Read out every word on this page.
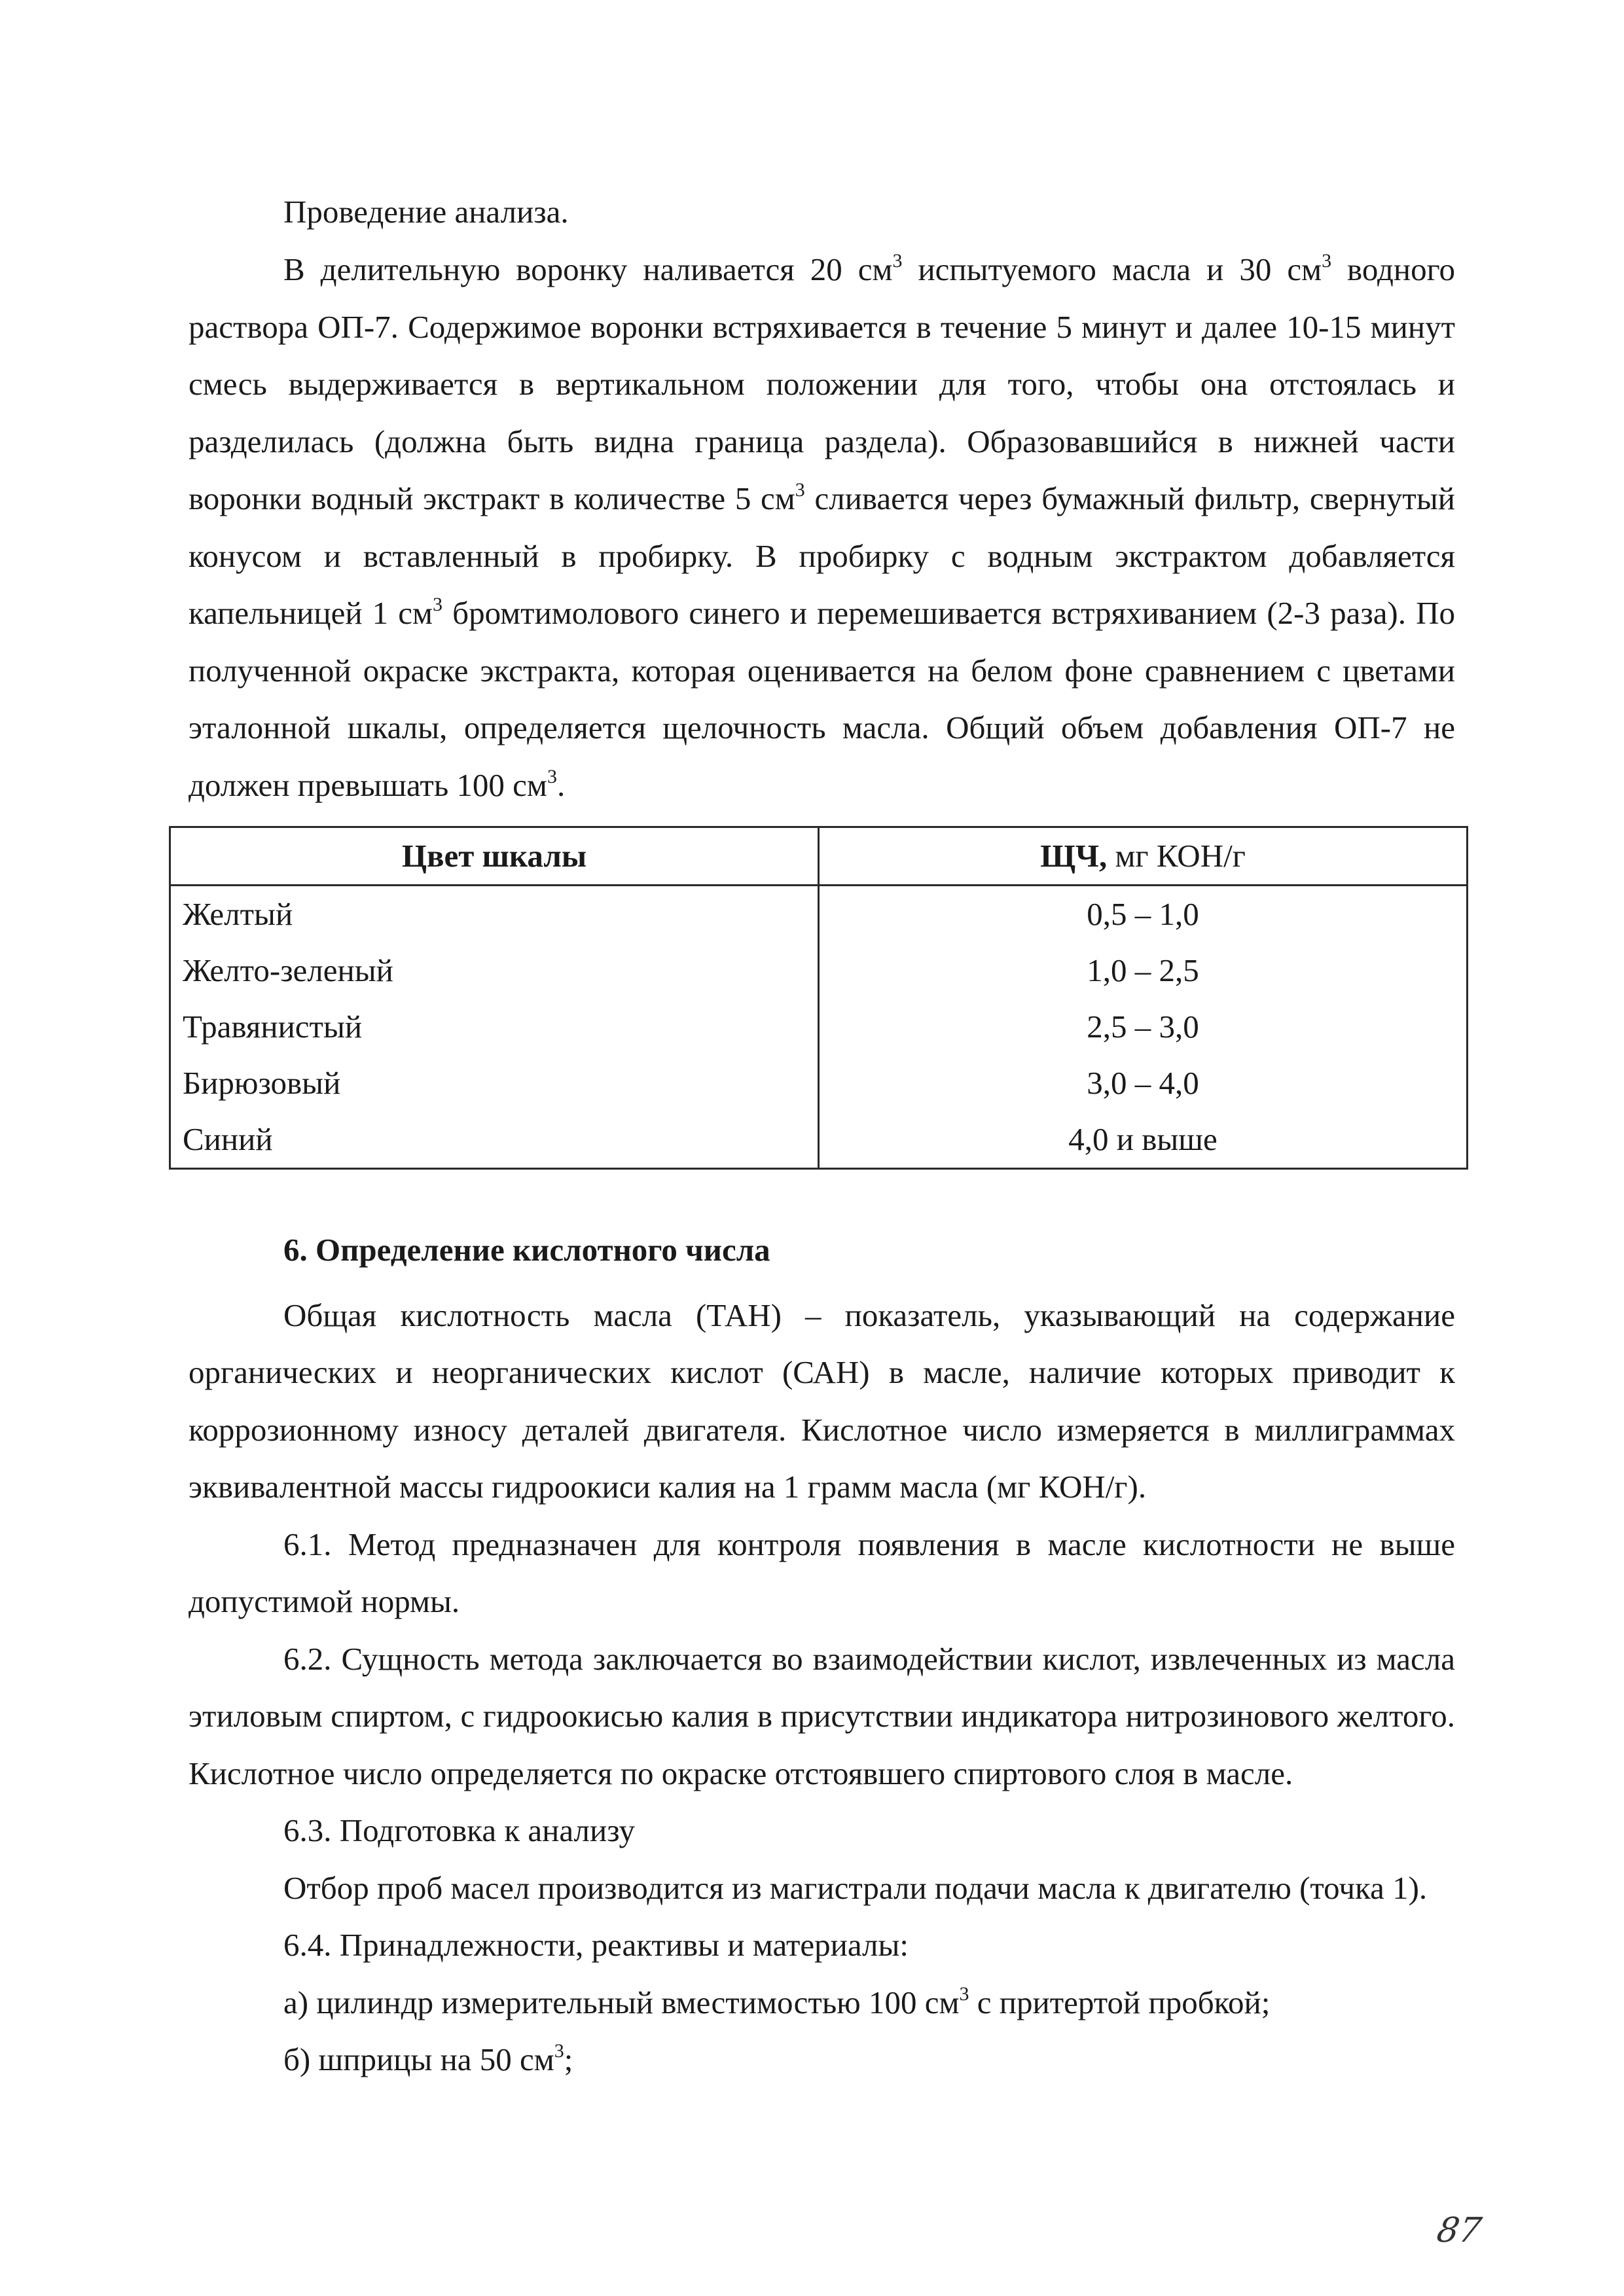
Проведение анализа.

В делительную воронку наливается 20 $см^3$ испытуемого масла и 30 $см^3$ водного раствора ОП-7. Содержимое воронки встряхивается в течение 5 минут и далее 10-15 минут смесь выдерживается в вертикальном положении для того, чтобы она отстоялась и разделилась (должна быть видна граница раздела). Образовавшийся в нижней части воронки водный экстракт в количестве 5 $см^3$ сливается через бумажный фильтр, свернутый конусом и вставленный в пробирку. В пробирку с водным экстрактом добавляется капельницей 1 $см^3$ бромтимолового синего и перемешивается встряхиванием (2-3 раза). По полученной окраске экстракта, которая оценивается на белом фоне сравнением с цветами эталонной шкалы, определяется щелочность масла. Общий объем добавления ОП-7 не должен превышать 100 $см^3$.

Цвет шкалы	ЩЧ, мг КОН/г
Желтый	0,5 – 1,0
Желто-зеленый	1,0 – 2,5
Травянистый	2,5 – 3,0
Бирюзовый	3,0 – 4,0
Синий	4,0 и выше

6. Определение кислотного числа

Общая кислотность масла (ТАН) – показатель, указывающий на содержание органических и неорганических кислот (САН) в масле, наличие которых приводит к коррозионному износу деталей двигателя. Кислотное число измеряется в миллиграммах эквивалентной массы гидроокиси калия на 1 грамм масла (мг КОН/г).

6.1. Метод предназначен для контроля появления в масле кислотности не выше допустимой нормы.

6.2. Сущность метода заключается во взаимодействии кислот, извлеченных из масла этиловым спиртом, с гидроокисью калия в присутствии индикатора нитрозинового желтого. Кислотное число определяется по окраске отстоявшего спиртового слоя в масле.

6.3. Подготовка к анализу

Отбор проб масел производится из магистрали подачи масла к двигателю (точка 1).

6.4. Принадлежности, реактивы и материалы:

а) цилиндр измерительный вместимостью 100 $см^3$ с притертой пробкой;

б) шприцы на 50 $см^3$;

87
